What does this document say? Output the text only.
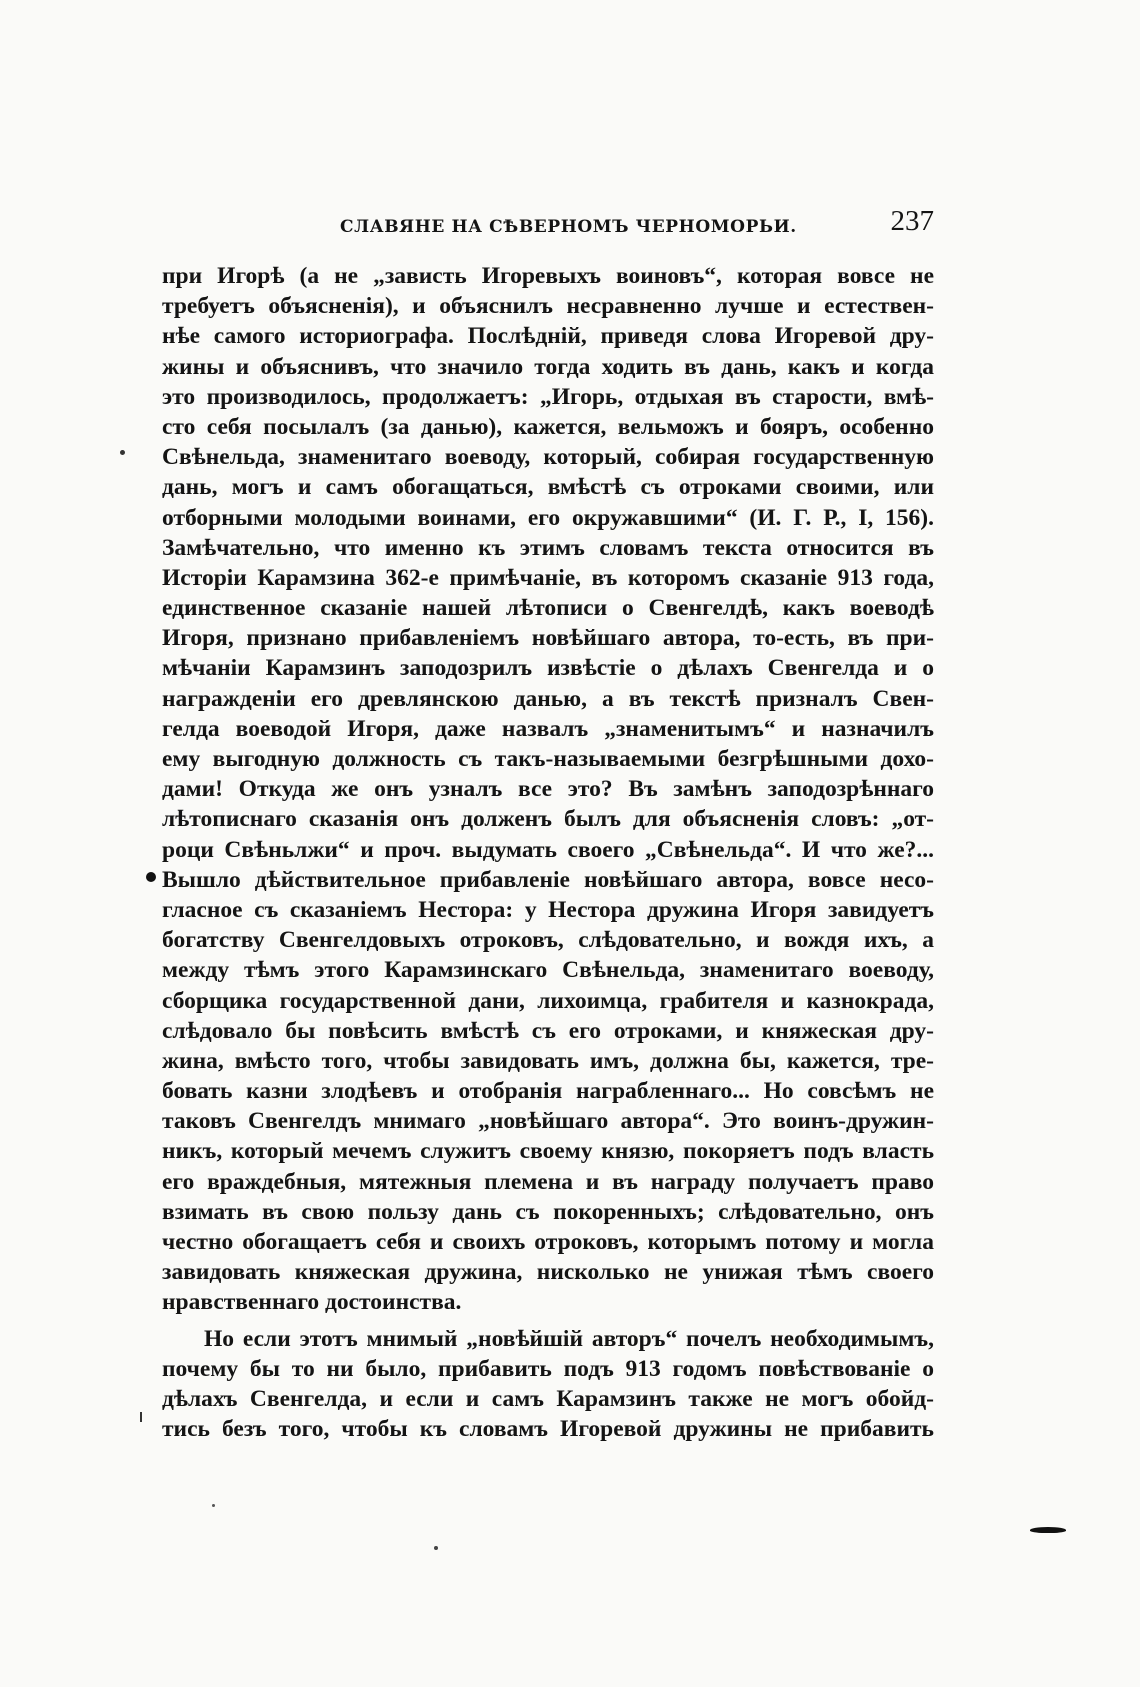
СЛАВЯНЕ НА СѢВЕРНОМЪ ЧЕРНОМОРЬИ.	237
при Игорѣ (а не „зависть Игоревыхъ воиновъ“, которая вовсе не
требуетъ объясненія), и объяснилъ несравненно лучше и естествен-
нѣе самого историографа. Послѣдній, приведя слова Игоревой дру-
жины и объяснивъ, что значило тогда ходить въ дань, какъ и когда
это производилось, продолжаетъ: „Игорь, отдыхая въ старости, вмѣ-
сто себя посылалъ (за данью), кажется, вельможъ и бояръ, особенно
Свѣнельда, знаменитаго воеводу, который, собирая государственную
дань, могъ и самъ обогащаться, вмѣстѣ съ отроками своими, или
отборными молодыми воинами, его окружавшими“ (И. Г. Р., I, 156).
Замѣчательно, что именно къ этимъ словамъ текста относится въ
Исторіи Карамзина 362-е примѣчаніе, въ которомъ сказаніе 913 года,
единственное сказаніе нашей лѣтописи о Свенгелдѣ, какъ воеводѣ
Игоря, признано прибавленіемъ новѣйшаго автора, то-есть, въ при-
мѣчаніи Карамзинъ заподозрилъ извѣстіе о дѣлахъ Свенгелда и о
награжденіи его древлянскою данью, а въ текстѣ призналъ Свен-
гелда воеводой Игоря, даже назвалъ „знаменитымъ“ и назначилъ
ему выгодную должность съ такъ-называемыми безгрѣшными дохо-
дами! Откуда же онъ узналъ все это? Въ замѣнъ заподозрѣннаго
лѣтописнаго сказанія онъ долженъ былъ для объясненія словъ: „от-
роци Свѣньлжи“ и проч. выдумать своего „Свѣнельда“. И что же?...
Вышло дѣйствительное прибавленіе новѣйшаго автора, вовсе несо-
гласное съ сказаніемъ Нестора: у Нестора дружина Игоря завидуетъ
богатству Свенгелдовыхъ отроковъ, слѣдовательно, и вождя ихъ, а
между тѣмъ этого Карамзинскаго Свѣнельда, знаменитаго воеводу,
сборщика государственной дани, лихоимца, грабителя и казнокрада,
слѣдовало бы повѣсить вмѣстѣ съ его отроками, и княжеская дру-
жина, вмѣсто того, чтобы завидовать имъ, должна бы, кажется, тре-
бовать казни злодѣевъ и отобранія награбленнаго... Но совсѣмъ не
таковъ Свенгелдъ мнимаго „новѣйшаго автора“. Это воинъ-дружин-
никъ, который мечемъ служитъ своему князю, покоряетъ подъ власть
его враждебныя, мятежныя племена и въ награду получаетъ право
взимать въ свою пользу дань съ покоренныхъ; слѣдовательно, онъ
честно обогащаетъ себя и своихъ отроковъ, которымъ потому и могла
завидовать княжеская дружина, нисколько не унижая тѣмъ своего
нравственнаго достоинства.
Но если этотъ мнимый „новѣйшій авторъ“ почелъ необходимымъ,
почему бы то ни было, прибавить подъ 913 годомъ повѣствованіе о
дѣлахъ Свенгелда, и если и самъ Карамзинъ также не могъ обойд-
тись безъ того, чтобы къ словамъ Игоревой дружины не прибавить
